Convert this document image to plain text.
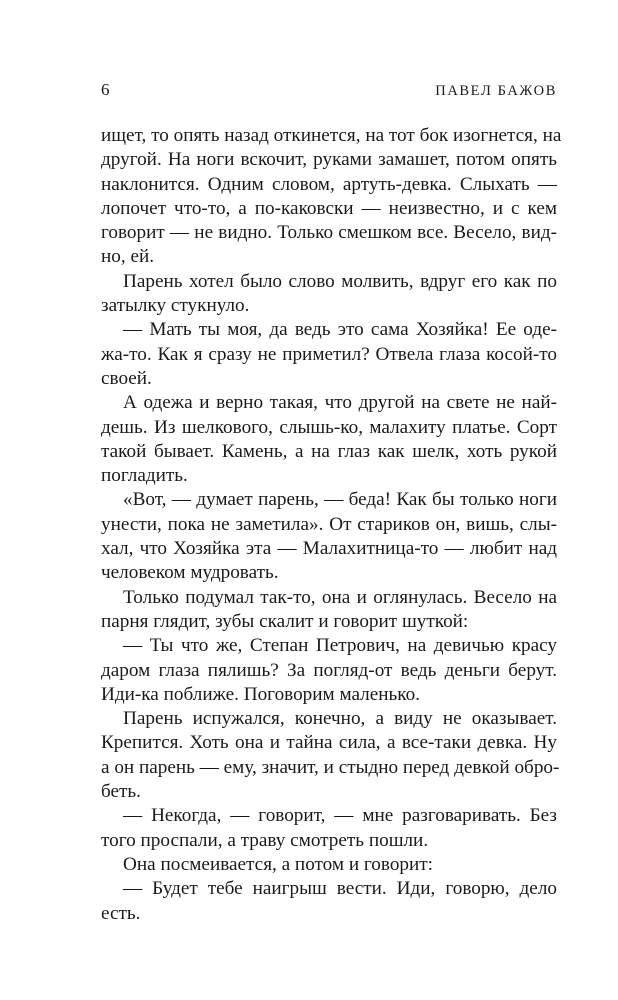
6	ПАВЕЛ БАЖОВ
ищет, то опять назад откинется, на тот бок изогнется, на
другой. На ноги вскочит, руками замашет, потом опять
наклонится. Одним словом, артуть-девка. Слыхать —
лопочет что-то, а по-каковски — неизвестно, и с кем
говорит — не видно. Только смешком все. Весело, вид-
но, ей.
Парень хотел было слово молвить, вдруг его как по
затылку стукнуло.
— Мать ты моя, да ведь это сама Хозяйка! Ее оде-
жа-то. Как я сразу не приметил? Отвела глаза косой-то
своей.
А одежа и верно такая, что другой на свете не най-
дешь. Из шелкового, слышь-ко, малахиту платье. Сорт
такой бывает. Камень, а на глаз как шелк, хоть рукой
погладить.
«Вот, — думает парень, — беда! Как бы только ноги
унести, пока не заметила». От стариков он, вишь, слы-
хал, что Хозяйка эта — Малахитница-то — любит над
человеком мудровать.
Только подумал так-то, она и оглянулась. Весело на
парня глядит, зубы скалит и говорит шуткой:
— Ты что же, Степан Петрович, на девичью красу
даром глаза пялишь? За погляд-от ведь деньги берут.
Иди-ка поближе. Поговорим маленько.
Парень испужался, конечно, а виду не оказывает.
Крепится. Хоть она и тайна сила, а все-таки девка. Ну
а он парень — ему, значит, и стыдно перед девкой обро-
беть.
— Некогда, — говорит, — мне разговаривать. Без
того проспали, а траву смотреть пошли.
Она посмеивается, а потом и говорит:
— Будет тебе наигрыш вести. Иди, говорю, дело
есть.
